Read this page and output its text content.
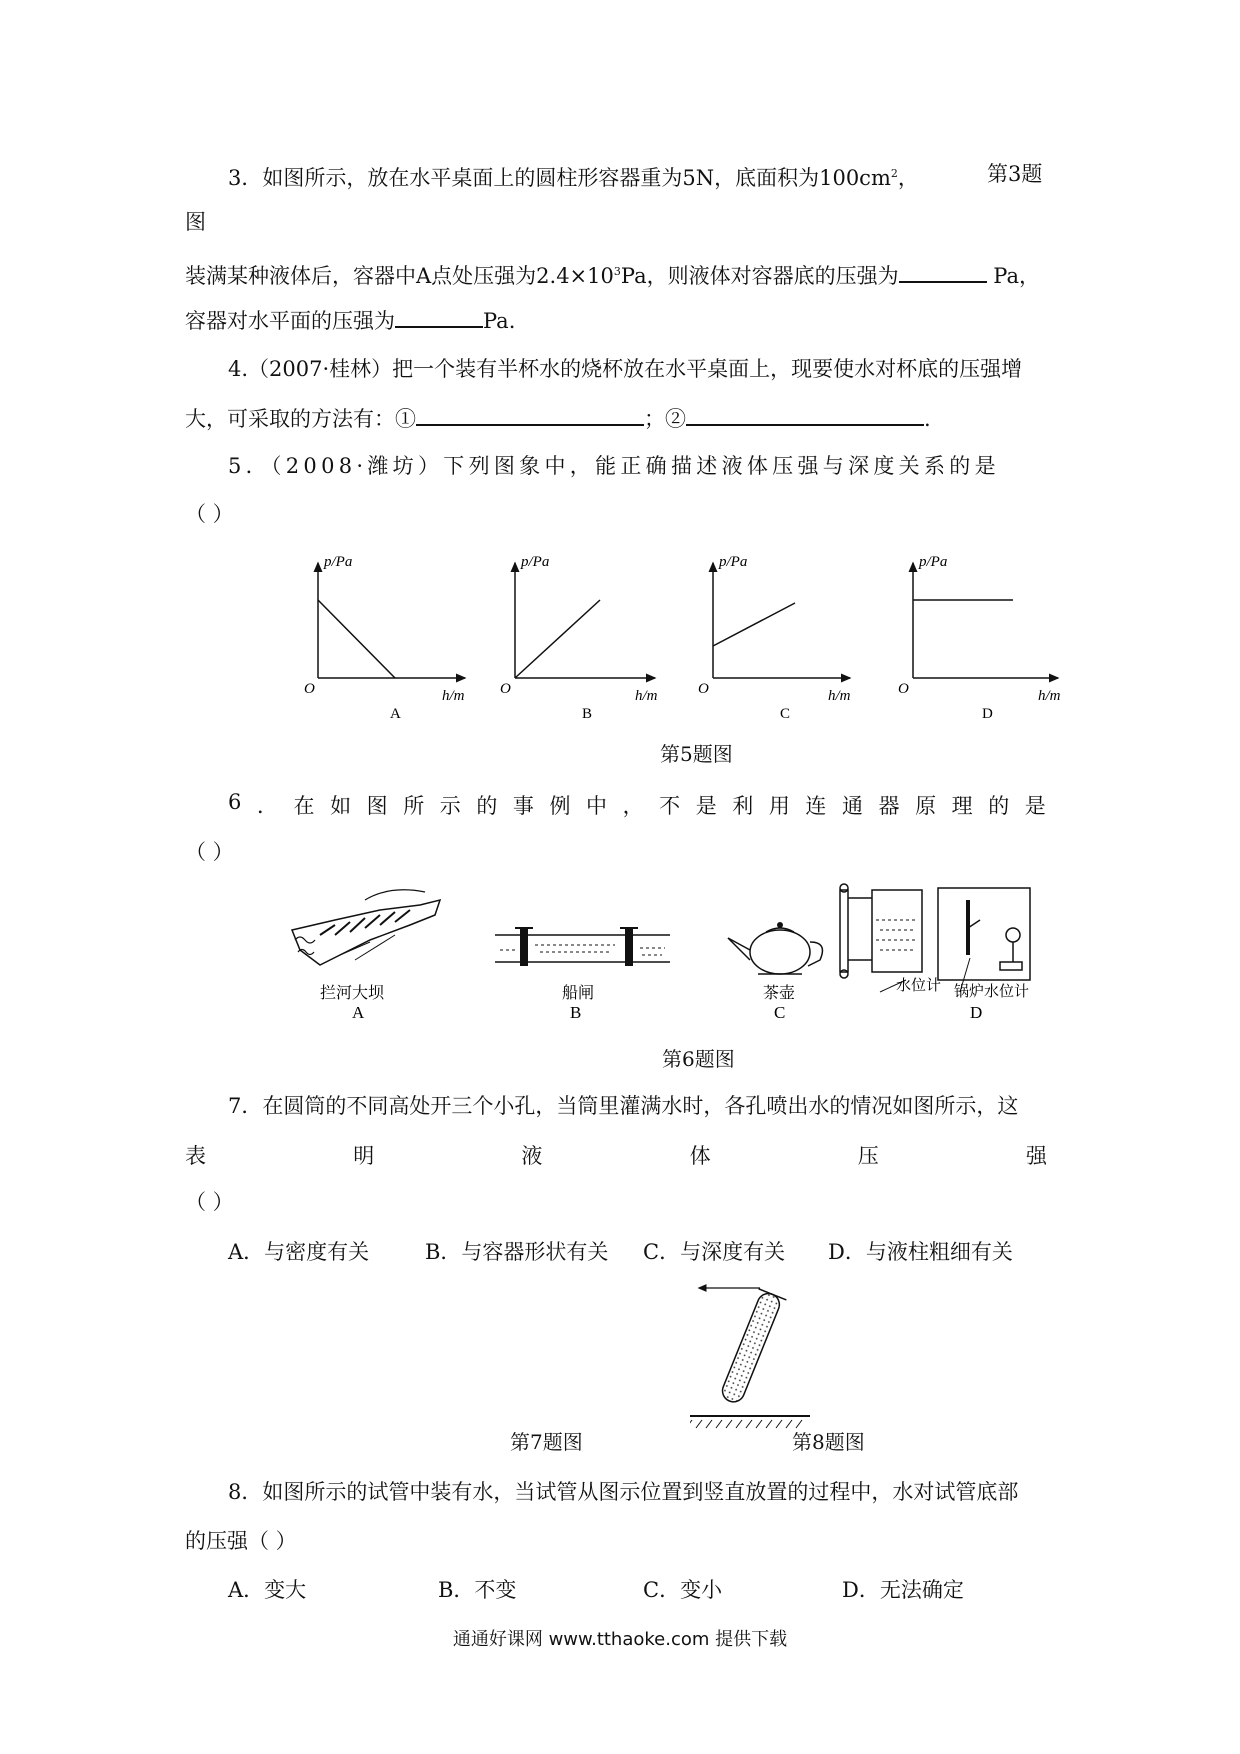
3．如图所示，放在水平桌面上的圆柱形容器重为5N，底面积为$100cm^2$，	第3题
图
装满某种液体后，容器中A点处压强为$2.4\times 10^3Pa$，则液体对容器底的压强为	Pa，
容器对水平面的压强为	Pa.
4.（2007·桂林）把一个装有半杯水的烧杯放在水平桌面上，现要使水对杯底的压强增
大，可采取的方法有：①	；②	.
5．（2008·潍坊）下列图象中，能正确描述液体压强与深度关系的是
（ ）
p/Pa
O	h/m
A
p/Pa
O	h/m
B
p/Pa
O	h/m
C
p/Pa
O	h/m
D
第5题图
6 ． 在 如 图 所 示 的 事 例 中 ， 不 是 利 用 连 通 器 原 理 的 是
（ ）
拦河大坝
A
船闸
B
茶壶
C
水位计 锅炉水位计
D
第6题图
7．在圆筒的不同高处开三个小孔，当筒里灌满水时，各孔喷出水的情况如图所示，这
表	明	液	体	压	强
（ ）
A．与密度有关	B．与容器形状有关 C．与深度有关 D．与液柱粗细有关
第7题图	第8题图
8．如图所示的试管中装有水，当试管从图示位置到竖直放置的过程中，水对试管底部
的压强（ ）
A．变大	B．不变	C．变小	D．无法确定
通通好课网 www.tthaoke.com 提供下载
